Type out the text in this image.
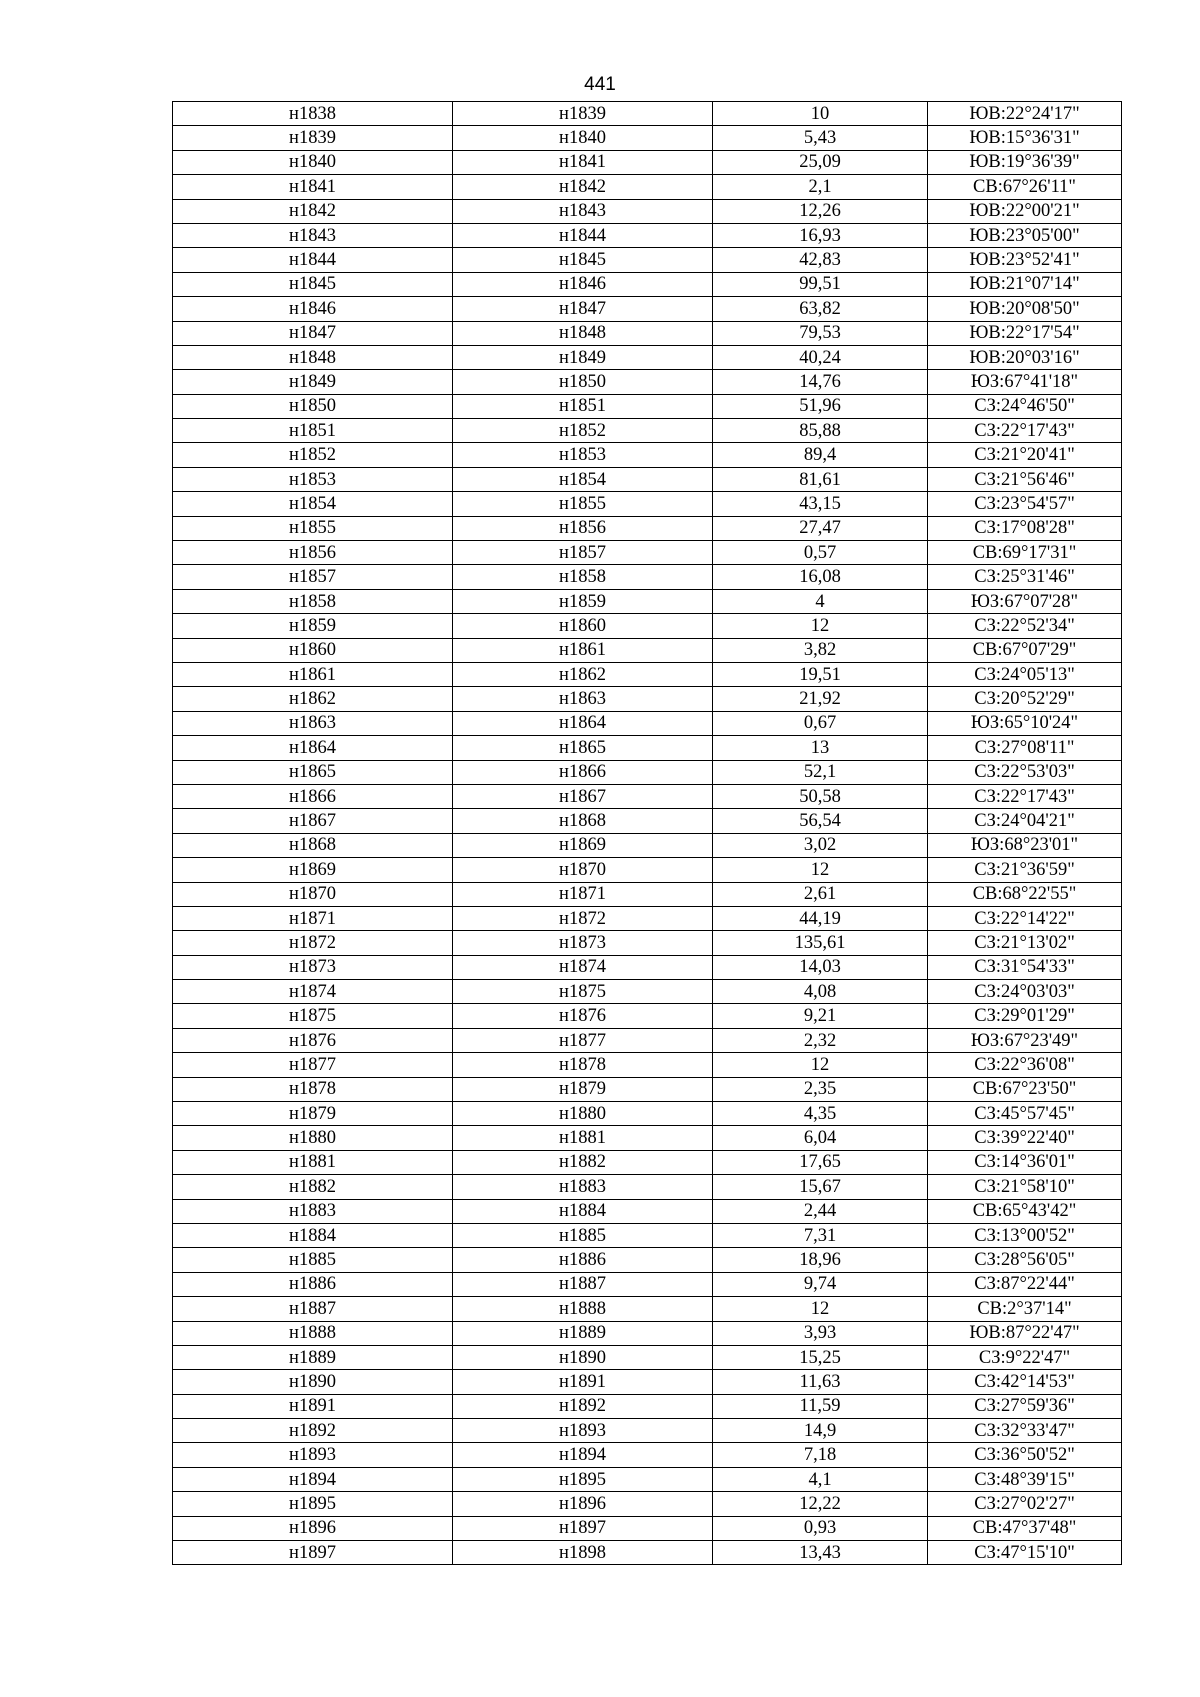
441
н1838	н1839	10	ЮВ:22°24'17"
н1839	н1840	5,43	ЮВ:15°36'31"
н1840	н1841	25,09	ЮВ:19°36'39"
н1841	н1842	2,1	СВ:67°26'11"
н1842	н1843	12,26	ЮВ:22°00'21"
н1843	н1844	16,93	ЮВ:23°05'00"
н1844	н1845	42,83	ЮВ:23°52'41"
н1845	н1846	99,51	ЮВ:21°07'14"
н1846	н1847	63,82	ЮВ:20°08'50"
н1847	н1848	79,53	ЮВ:22°17'54"
н1848	н1849	40,24	ЮВ:20°03'16"
н1849	н1850	14,76	ЮЗ:67°41'18"
н1850	н1851	51,96	СЗ:24°46'50"
н1851	н1852	85,88	СЗ:22°17'43"
н1852	н1853	89,4	СЗ:21°20'41"
н1853	н1854	81,61	СЗ:21°56'46"
н1854	н1855	43,15	СЗ:23°54'57"
н1855	н1856	27,47	СЗ:17°08'28"
н1856	н1857	0,57	СВ:69°17'31"
н1857	н1858	16,08	СЗ:25°31'46"
н1858	н1859	4	ЮЗ:67°07'28"
н1859	н1860	12	СЗ:22°52'34"
н1860	н1861	3,82	СВ:67°07'29"
н1861	н1862	19,51	СЗ:24°05'13"
н1862	н1863	21,92	СЗ:20°52'29"
н1863	н1864	0,67	ЮЗ:65°10'24"
н1864	н1865	13	СЗ:27°08'11"
н1865	н1866	52,1	СЗ:22°53'03"
н1866	н1867	50,58	СЗ:22°17'43"
н1867	н1868	56,54	СЗ:24°04'21"
н1868	н1869	3,02	ЮЗ:68°23'01"
н1869	н1870	12	СЗ:21°36'59"
н1870	н1871	2,61	СВ:68°22'55"
н1871	н1872	44,19	СЗ:22°14'22"
н1872	н1873	135,61	СЗ:21°13'02"
н1873	н1874	14,03	СЗ:31°54'33"
н1874	н1875	4,08	СЗ:24°03'03"
н1875	н1876	9,21	СЗ:29°01'29"
н1876	н1877	2,32	ЮЗ:67°23'49"
н1877	н1878	12	СЗ:22°36'08"
н1878	н1879	2,35	СВ:67°23'50"
н1879	н1880	4,35	СЗ:45°57'45"
н1880	н1881	6,04	СЗ:39°22'40"
н1881	н1882	17,65	СЗ:14°36'01"
н1882	н1883	15,67	СЗ:21°58'10"
н1883	н1884	2,44	СВ:65°43'42"
н1884	н1885	7,31	СЗ:13°00'52"
н1885	н1886	18,96	СЗ:28°56'05"
н1886	н1887	9,74	СЗ:87°22'44"
н1887	н1888	12	СВ:2°37'14"
н1888	н1889	3,93	ЮВ:87°22'47"
н1889	н1890	15,25	СЗ:9°22'47"
н1890	н1891	11,63	СЗ:42°14'53"
н1891	н1892	11,59	СЗ:27°59'36"
н1892	н1893	14,9	СЗ:32°33'47"
н1893	н1894	7,18	СЗ:36°50'52"
н1894	н1895	4,1	СЗ:48°39'15"
н1895	н1896	12,22	СЗ:27°02'27"
н1896	н1897	0,93	СВ:47°37'48"
н1897	н1898	13,43	СЗ:47°15'10"
